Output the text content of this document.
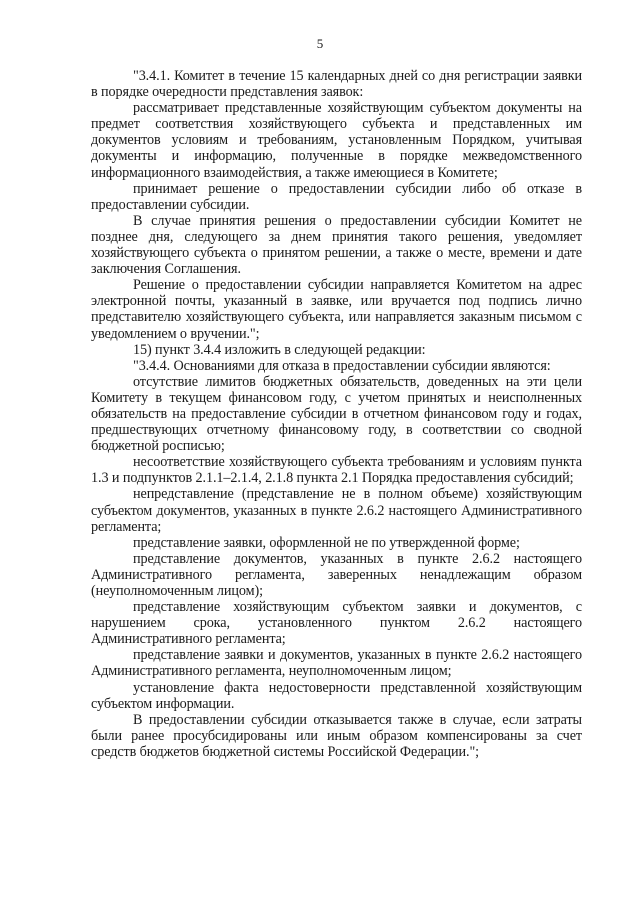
5

"3.4.1. Комитет в течение 15 календарных дней со дня регистрации заявки в порядке очередности представления заявок:

рассматривает представленные хозяйствующим субъектом документы на предмет соответствия хозяйствующего субъекта и представленных им документов условиям и требованиям, установленным Порядком, учитывая документы и информацию, полученные в порядке межведомственного информационного взаимодействия, а также имеющиеся в Комитете;

принимает решение о предоставлении субсидии либо об отказе в предоставлении субсидии.

В случае принятия решения о предоставлении субсидии Комитет не позднее дня, следующего за днем принятия такого решения, уведомляет хозяйствующего субъекта о принятом решении, а также о месте, времени и дате заключения Соглашения.

Решение о предоставлении субсидии направляется Комитетом на адрес электронной почты, указанный в заявке, или вручается под подпись лично представителю хозяйствующего субъекта, или направляется заказным письмом с уведомлением о вручении.";

15) пункт 3.4.4 изложить в следующей редакции:

"3.4.4. Основаниями для отказа в предоставлении субсидии являются:

отсутствие лимитов бюджетных обязательств, доведенных на эти цели Комитету в текущем финансовом году, с учетом принятых и неисполненных обязательств на предоставление субсидии в отчетном финансовом году и годах, предшествующих отчетному финансовому году, в соответствии со сводной бюджетной росписью;

несоответствие хозяйствующего субъекта требованиям и условиям пункта 1.3 и подпунктов 2.1.1–2.1.4, 2.1.8 пункта 2.1 Порядка предоставления субсидий;

непредставление (представление не в полном объеме) хозяйствующим субъектом документов, указанных в пункте 2.6.2 настоящего Административного регламента;

представление заявки, оформленной не по утвержденной форме;

представление документов, указанных в пункте 2.6.2 настоящего Административного регламента, заверенных ненадлежащим образом (неуполномоченным лицом);

представление хозяйствующим субъектом заявки и документов, с нарушением срока, установленного пунктом 2.6.2 настоящего Административного регламента;

представление заявки и документов, указанных в пункте 2.6.2 настоящего Административного регламента, неуполномоченным лицом;

установление факта недостоверности представленной хозяйствующим субъектом информации.

В предоставлении субсидии отказывается также в случае, если затраты были ранее просубсидированы или иным образом компенсированы за счет средств бюджетов бюджетной системы Российской Федерации.";
